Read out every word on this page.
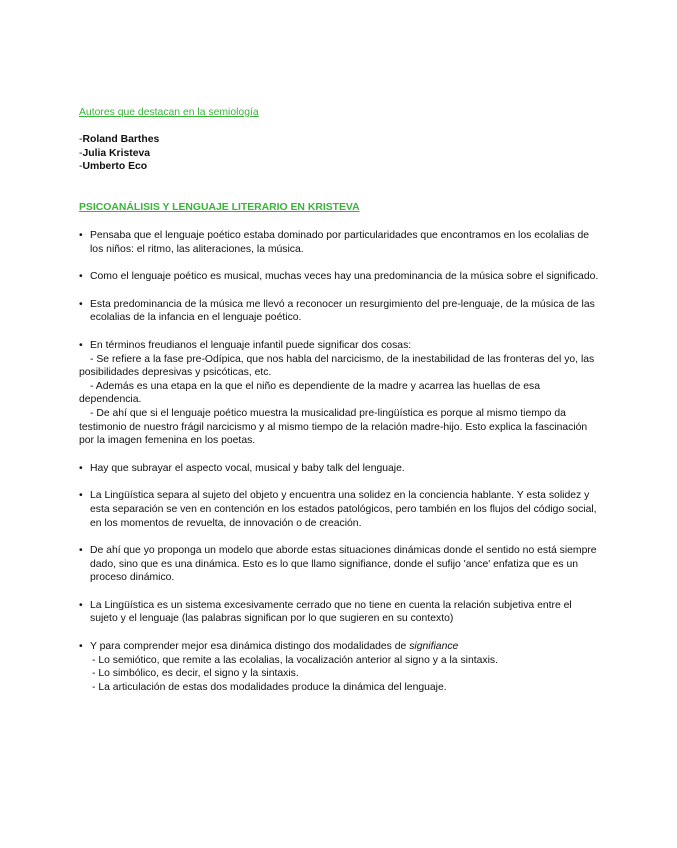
Autores que destacan en la semiología
-Roland Barthes
-Julia Kristeva
-Umberto Eco
PSICOANÁLISIS Y LENGUAJE LITERARIO EN KRISTEVA
• Pensaba que el lenguaje poético estaba dominado por particularidades que encontramos en los ecolalias de los niños: el ritmo, las aliteraciones, la música.
• Como el lenguaje poético es musical, muchas veces hay una predominancia de la música sobre el significado.
• Esta predominancia de la música me llevó a reconocer un resurgimiento del pre-lenguaje, de la música de las ecolalias de la infancia en el lenguaje poético.
• En términos freudianos el lenguaje infantil puede significar dos cosas:
- Se refiere a la fase pre-Odípica, que nos habla del narcicismo, de la inestabilidad de las fronteras del yo, las posibilidades depresivas y psicóticas, etc.
- Además es una etapa en la que el niño es dependiente de la madre y acarrea las huellas de esa dependencia.
- De ahí que si el lenguaje poético muestra la musicalidad pre-lingüística es porque al mismo tiempo da testimonio de nuestro frágil narcicismo y al mismo tiempo de la relación madre-hijo. Esto explica la fascinación por la imagen femenina en los poetas.
• Hay que subrayar el aspecto vocal, musical y baby talk del lenguaje.
• La Lingüística separa al sujeto del objeto y encuentra una solidez en la conciencia hablante. Y esta solidez y esta separación se ven en contención en los estados patológicos, pero también en los flujos del código social, en los momentos de revuelta, de innovación o de creación.
• De ahí que yo proponga un modelo que aborde estas situaciones dinámicas donde el sentido no está siempre dado, sino que es una dinámica. Esto es lo que llamo signifiance, donde el sufijo 'ance' enfatiza que es un proceso dinámico.
• La Lingüística es un sistema excesivamente cerrado que no tiene en cuenta la relación subjetiva entre el sujeto y el lenguaje (las palabras significan por lo que sugieren en su contexto)
• Y para comprender mejor esa dinámica distingo dos modalidades de signifiance
- Lo semiótico, que remite a las ecolalias, la vocalización anterior al signo y a la sintaxis.
- Lo simbólico, es decir, el signo y la sintaxis.
- La articulación de estas dos modalidades produce la dinámica del lenguaje.
